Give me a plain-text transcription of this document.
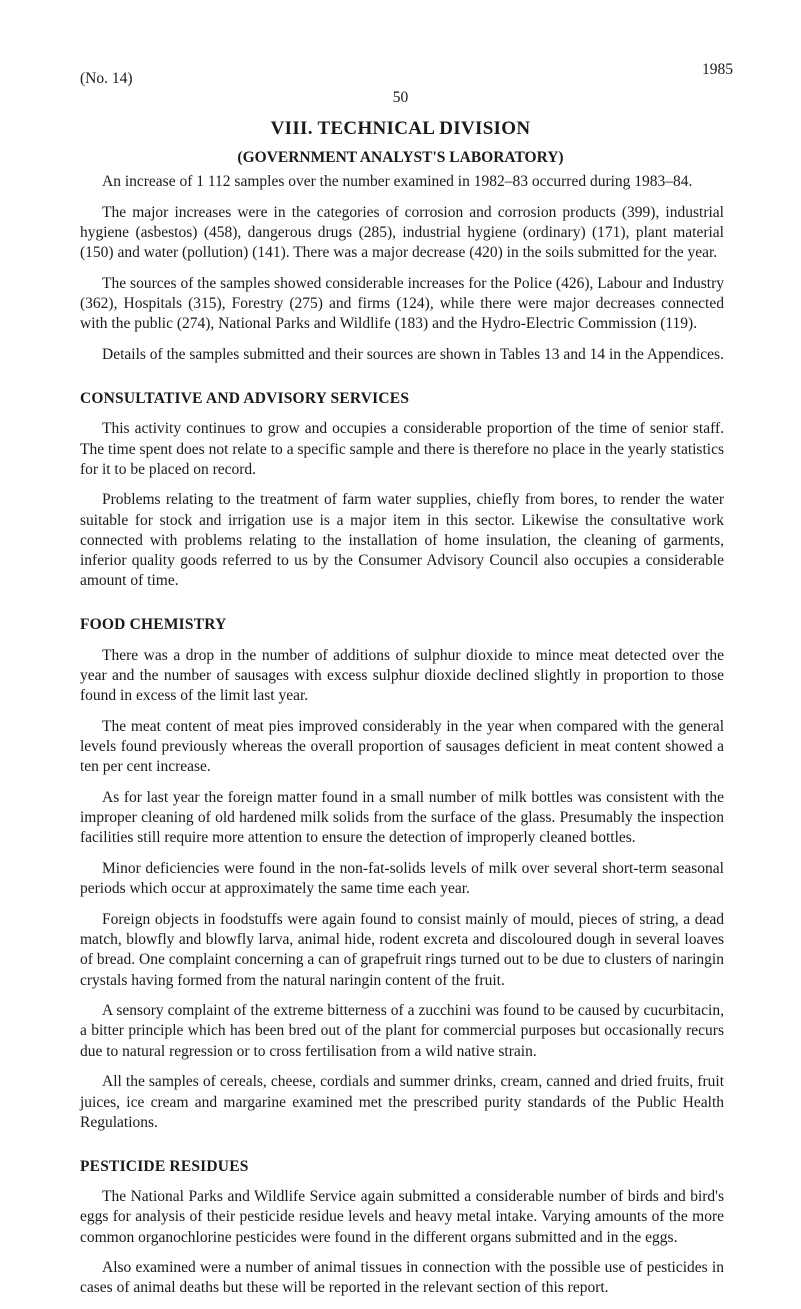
(No. 14)
1985
50
VIII. TECHNICAL DIVISION
(GOVERNMENT ANALYST'S LABORATORY)

An increase of 1 112 samples over the number examined in 1982–83 occurred during 1983–84.

The major increases were in the categories of corrosion and corrosion products (399), industrial hygiene (asbestos) (458), dangerous drugs (285), industrial hygiene (ordinary) (171), plant material (150) and water (pollution) (141). There was a major decrease (420) in the soils submitted for the year.

The sources of the samples showed considerable increases for the Police (426), Labour and Industry (362), Hospitals (315), Forestry (275) and firms (124), while there were major decreases connected with the public (274), National Parks and Wildlife (183) and the Hydro-Electric Commission (119).

Details of the samples submitted and their sources are shown in Tables 13 and 14 in the Appendices.

CONSULTATIVE AND ADVISORY SERVICES

This activity continues to grow and occupies a considerable proportion of the time of senior staff. The time spent does not relate to a specific sample and there is therefore no place in the yearly statistics for it to be placed on record.

Problems relating to the treatment of farm water supplies, chiefly from bores, to render the water suitable for stock and irrigation use is a major item in this sector. Likewise the consultative work connected with problems relating to the installation of home insulation, the cleaning of garments, inferior quality goods referred to us by the Consumer Advisory Council also occupies a considerable amount of time.

FOOD CHEMISTRY

There was a drop in the number of additions of sulphur dioxide to mince meat detected over the year and the number of sausages with excess sulphur dioxide declined slightly in proportion to those found in excess of the limit last year.

The meat content of meat pies improved considerably in the year when compared with the general levels found previously whereas the overall proportion of sausages deficient in meat content showed a ten per cent increase.

As for last year the foreign matter found in a small number of milk bottles was consistent with the improper cleaning of old hardened milk solids from the surface of the glass. Presumably the inspection facilities still require more attention to ensure the detection of improperly cleaned bottles.

Minor deficiencies were found in the non-fat-solids levels of milk over several short-term seasonal periods which occur at approximately the same time each year.

Foreign objects in foodstuffs were again found to consist mainly of mould, pieces of string, a dead match, blowfly and blowfly larva, animal hide, rodent excreta and discoloured dough in several loaves of bread. One complaint concerning a can of grapefruit rings turned out to be due to clusters of naringin crystals having formed from the natural naringin content of the fruit.

A sensory complaint of the extreme bitterness of a zucchini was found to be caused by cucurbitacin, a bitter principle which has been bred out of the plant for commercial purposes but occasionally recurs due to natural regression or to cross fertilisation from a wild native strain.

All the samples of cereals, cheese, cordials and summer drinks, cream, canned and dried fruits, fruit juices, ice cream and margarine examined met the prescribed purity standards of the Public Health Regulations.

PESTICIDE RESIDUES

The National Parks and Wildlife Service again submitted a considerable number of birds and bird's eggs for analysis of their pesticide residue levels and heavy metal intake. Varying amounts of the more common organochlorine pesticides were found in the different organs submitted and in the eggs.

Also examined were a number of animal tissues in connection with the possible use of pesticides in cases of animal deaths but these will be reported in the relevant section of this report.
